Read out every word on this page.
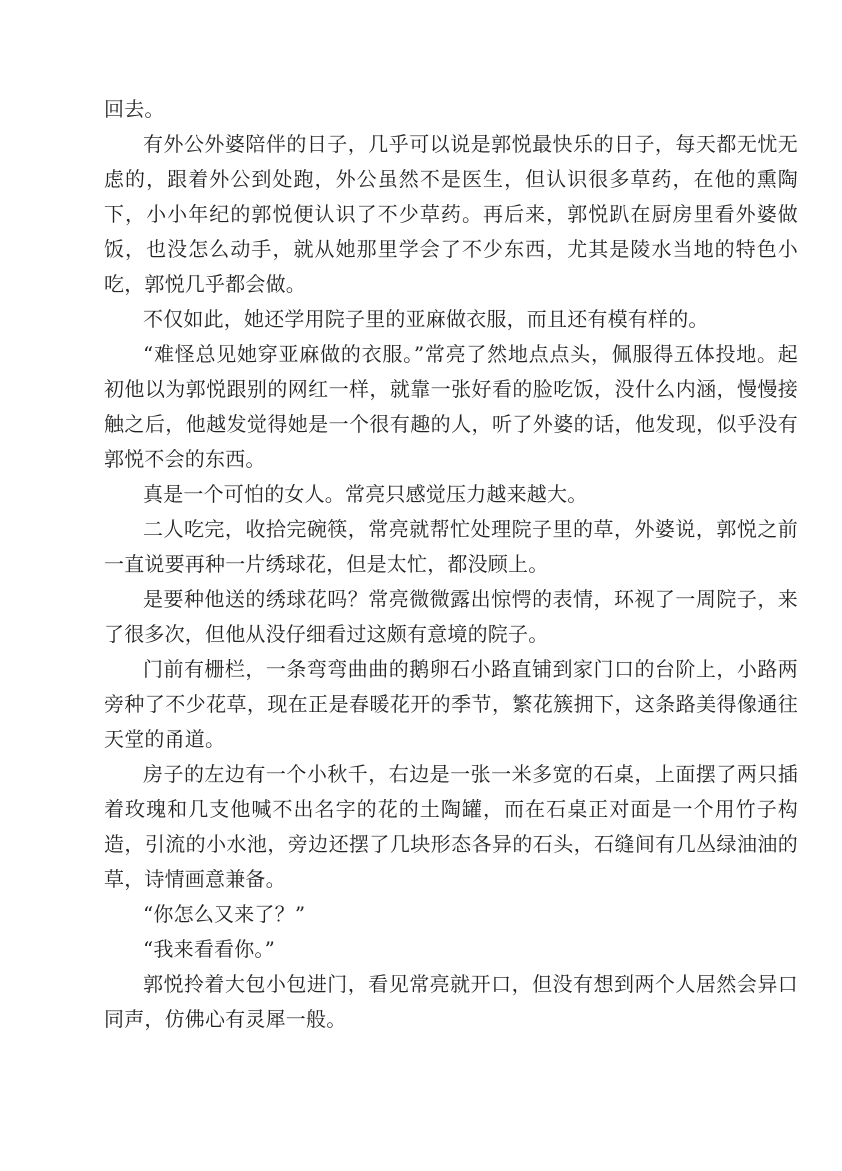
回去。

有外公外婆陪伴的日子，几乎可以说是郭悦最快乐的日子，每天都无忧无虑的，跟着外公到处跑，外公虽然不是医生，但认识很多草药，在他的熏陶下，小小年纪的郭悦便认识了不少草药。再后来，郭悦趴在厨房里看外婆做饭，也没怎么动手，就从她那里学会了不少东西，尤其是陵水当地的特色小吃，郭悦几乎都会做。

不仅如此，她还学用院子里的亚麻做衣服，而且还有模有样的。

“难怪总见她穿亚麻做的衣服。”常亮了然地点点头，佩服得五体投地。起初他以为郭悦跟别的网红一样，就靠一张好看的脸吃饭，没什么内涵，慢慢接触之后，他越发觉得她是一个很有趣的人，听了外婆的话，他发现，似乎没有郭悦不会的东西。

真是一个可怕的女人。常亮只感觉压力越来越大。

二人吃完，收拾完碗筷，常亮就帮忙处理院子里的草，外婆说，郭悦之前一直说要再种一片绣球花，但是太忙，都没顾上。

是要种他送的绣球花吗？常亮微微露出惊愕的表情，环视了一周院子，来了很多次，但他从没仔细看过这颇有意境的院子。

门前有栅栏，一条弯弯曲曲的鹅卵石小路直铺到家门口的台阶上，小路两旁种了不少花草，现在正是春暖花开的季节，繁花簇拥下，这条路美得像通往天堂的甬道。

房子的左边有一个小秋千，右边是一张一米多宽的石桌，上面摆了两只插着玫瑰和几支他喊不出名字的花的土陶罐，而在石桌正对面是一个用竹子构造，引流的小水池，旁边还摆了几块形态各异的石头，石缝间有几丛绿油油的草，诗情画意兼备。

“你怎么又来了？”

“我来看看你。”

郭悦拎着大包小包进门，看见常亮就开口，但没有想到两个人居然会异口同声，仿佛心有灵犀一般。
